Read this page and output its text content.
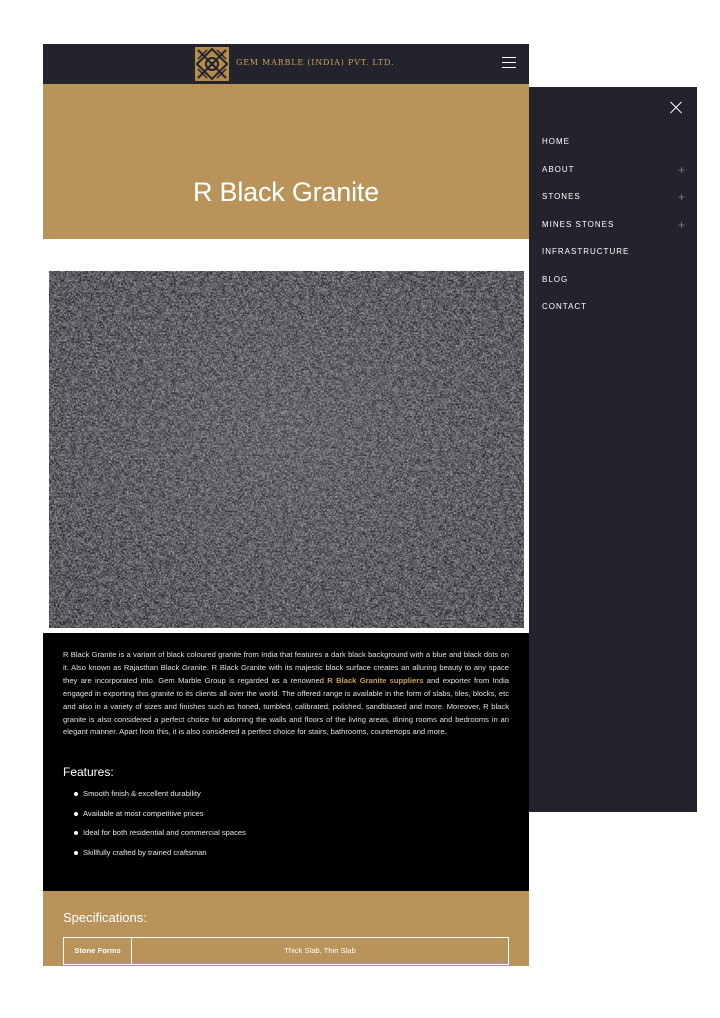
GEM MARBLE (INDIA) PVT. LTD.
R Black Granite

R Black Granite is a variant of black coloured granite from India that features a dark black background with a blue and black dots on it. Also known as Rajasthan Black Granite. R Black Granite with its majestic black surface creates an alluring beauty to any space they are incorporated into. Gem Marble Group is regarded as a renowned R Black Granite suppliers and exporter from India engaged in exporting this granite to its clients all over the world. The offered range is available in the form of slabs, tiles, blocks, etc and also in a variety of sizes and finishes such as honed, tumbled, calibrated, polished, sandblasted and more. Moreover, R black granite is also considered a perfect choice for adorning the walls and floors of the living areas, dining rooms and bedrooms in an elegant manner. Apart from this, it is also considered a perfect choice for stairs, bathrooms, countertops and more.

Features:
Smooth finish & excellent durability
Available at most competitive prices
Ideal for both residential and commercial spaces
Skillfully crafted by trained craftsman
Specifications:
Stone Forms	Thick Slab, Thin Slab
HOME
ABOUT	+
STONES	+
MINES STONES	+
INFRASTRUCTURE
BLOG
CONTACT
